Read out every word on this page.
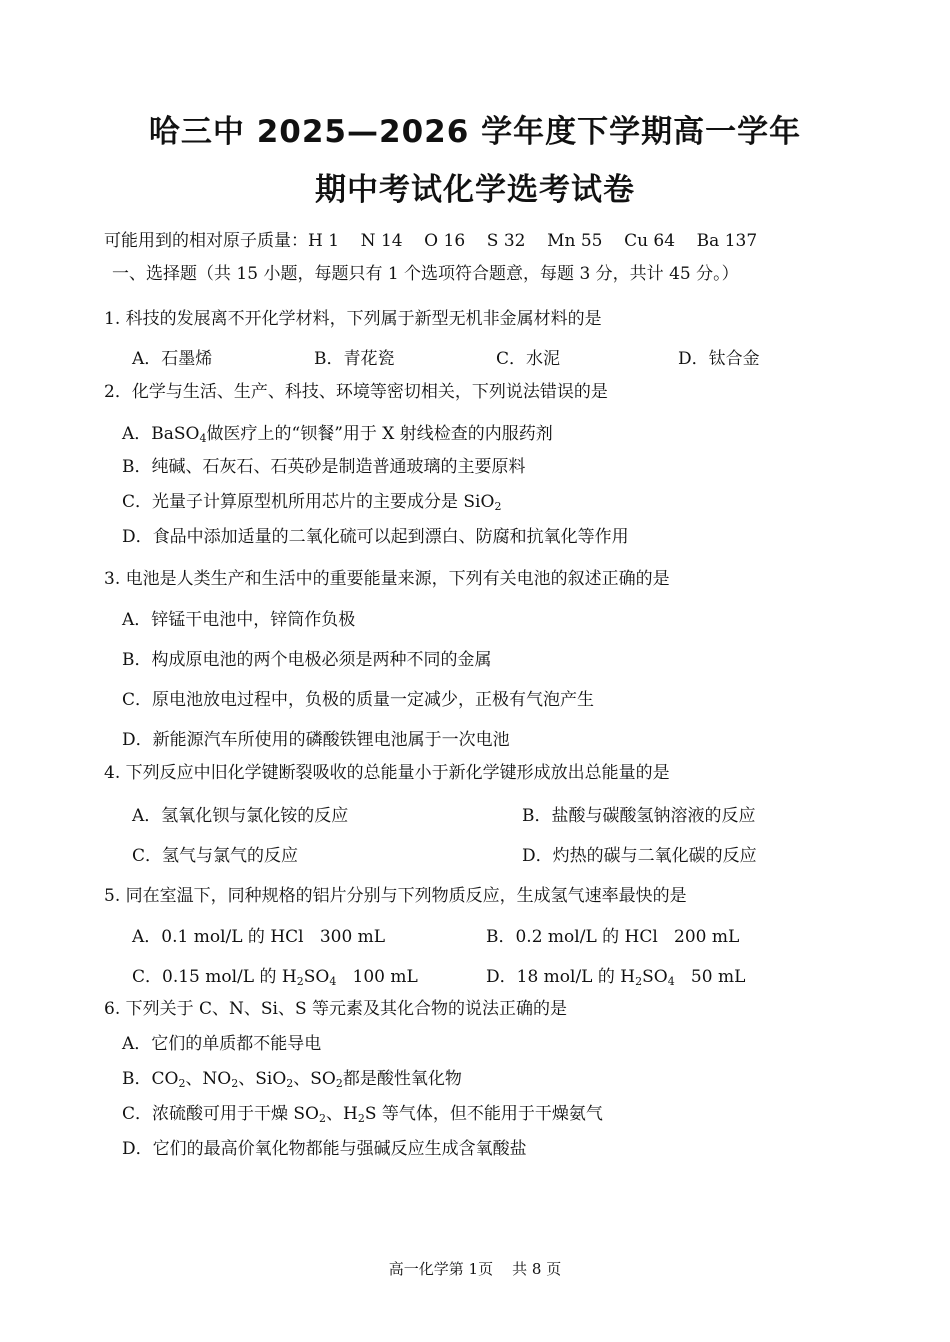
哈三中 2025—2026 学年度下学期高一学年
期中考试化学选考试卷
可能用到的相对原子质量：H 1    N 14    O 16    S 32    Mn 55    Cu 64    Ba 137
一、选择题（共 15 小题，每题只有 1 个选项符合题意，每题 3 分，共计 45 分。）
1. 科技的发展离不开化学材料，下列属于新型无机非金属材料的是
A．石墨烯	B．青花瓷	C．水泥	D．钛合金
2．化学与生活、生产、科技、环境等密切相关，下列说法错误的是
A．BaSO$_4$做医疗上的“钡餐”用于 X 射线检查的内服药剂
B．纯碱、石灰石、石英砂是制造普通玻璃的主要原料
C．光量子计算原型机所用芯片的主要成分是 SiO$_2$
D．食品中添加适量的二氧化硫可以起到漂白、防腐和抗氧化等作用
3. 电池是人类生产和生活中的重要能量来源，下列有关电池的叙述正确的是
A．锌锰干电池中，锌筒作负极
B．构成原电池的两个电极必须是两种不同的金属
C．原电池放电过程中，负极的质量一定减少，正极有气泡产生
D．新能源汽车所使用的磷酸铁锂电池属于一次电池
4. 下列反应中旧化学键断裂吸收的总能量小于新化学键形成放出总能量的是
A．氢氧化钡与氯化铵的反应	B．盐酸与碳酸氢钠溶液的反应
C．氢气与氯气的反应	D．灼热的碳与二氧化碳的反应
5. 同在室温下，同种规格的铝片分别与下列物质反应，生成氢气速率最快的是
A．0.1 mol/L 的 HCl   300 mL	B．0.2 mol/L 的 HCl   200 mL
C．0.15 mol/L 的 $H_2SO_4$   100 mL	D．18 mol/L 的 $H_2SO_4$   50 mL
6. 下列关于 C、N、Si、S 等元素及其化合物的说法正确的是
A．它们的单质都不能导电
B．$CO_2$、$NO_2$、SiO$_2$、$SO_2$都是酸性氧化物
C．浓硫酸可用于干燥 $SO_2$、$H_2S$ 等气体，但不能用于干燥氨气
D．它们的最高价氧化物都能与强碱反应生成含氧酸盐
高一化学第 1页    共 8 页
